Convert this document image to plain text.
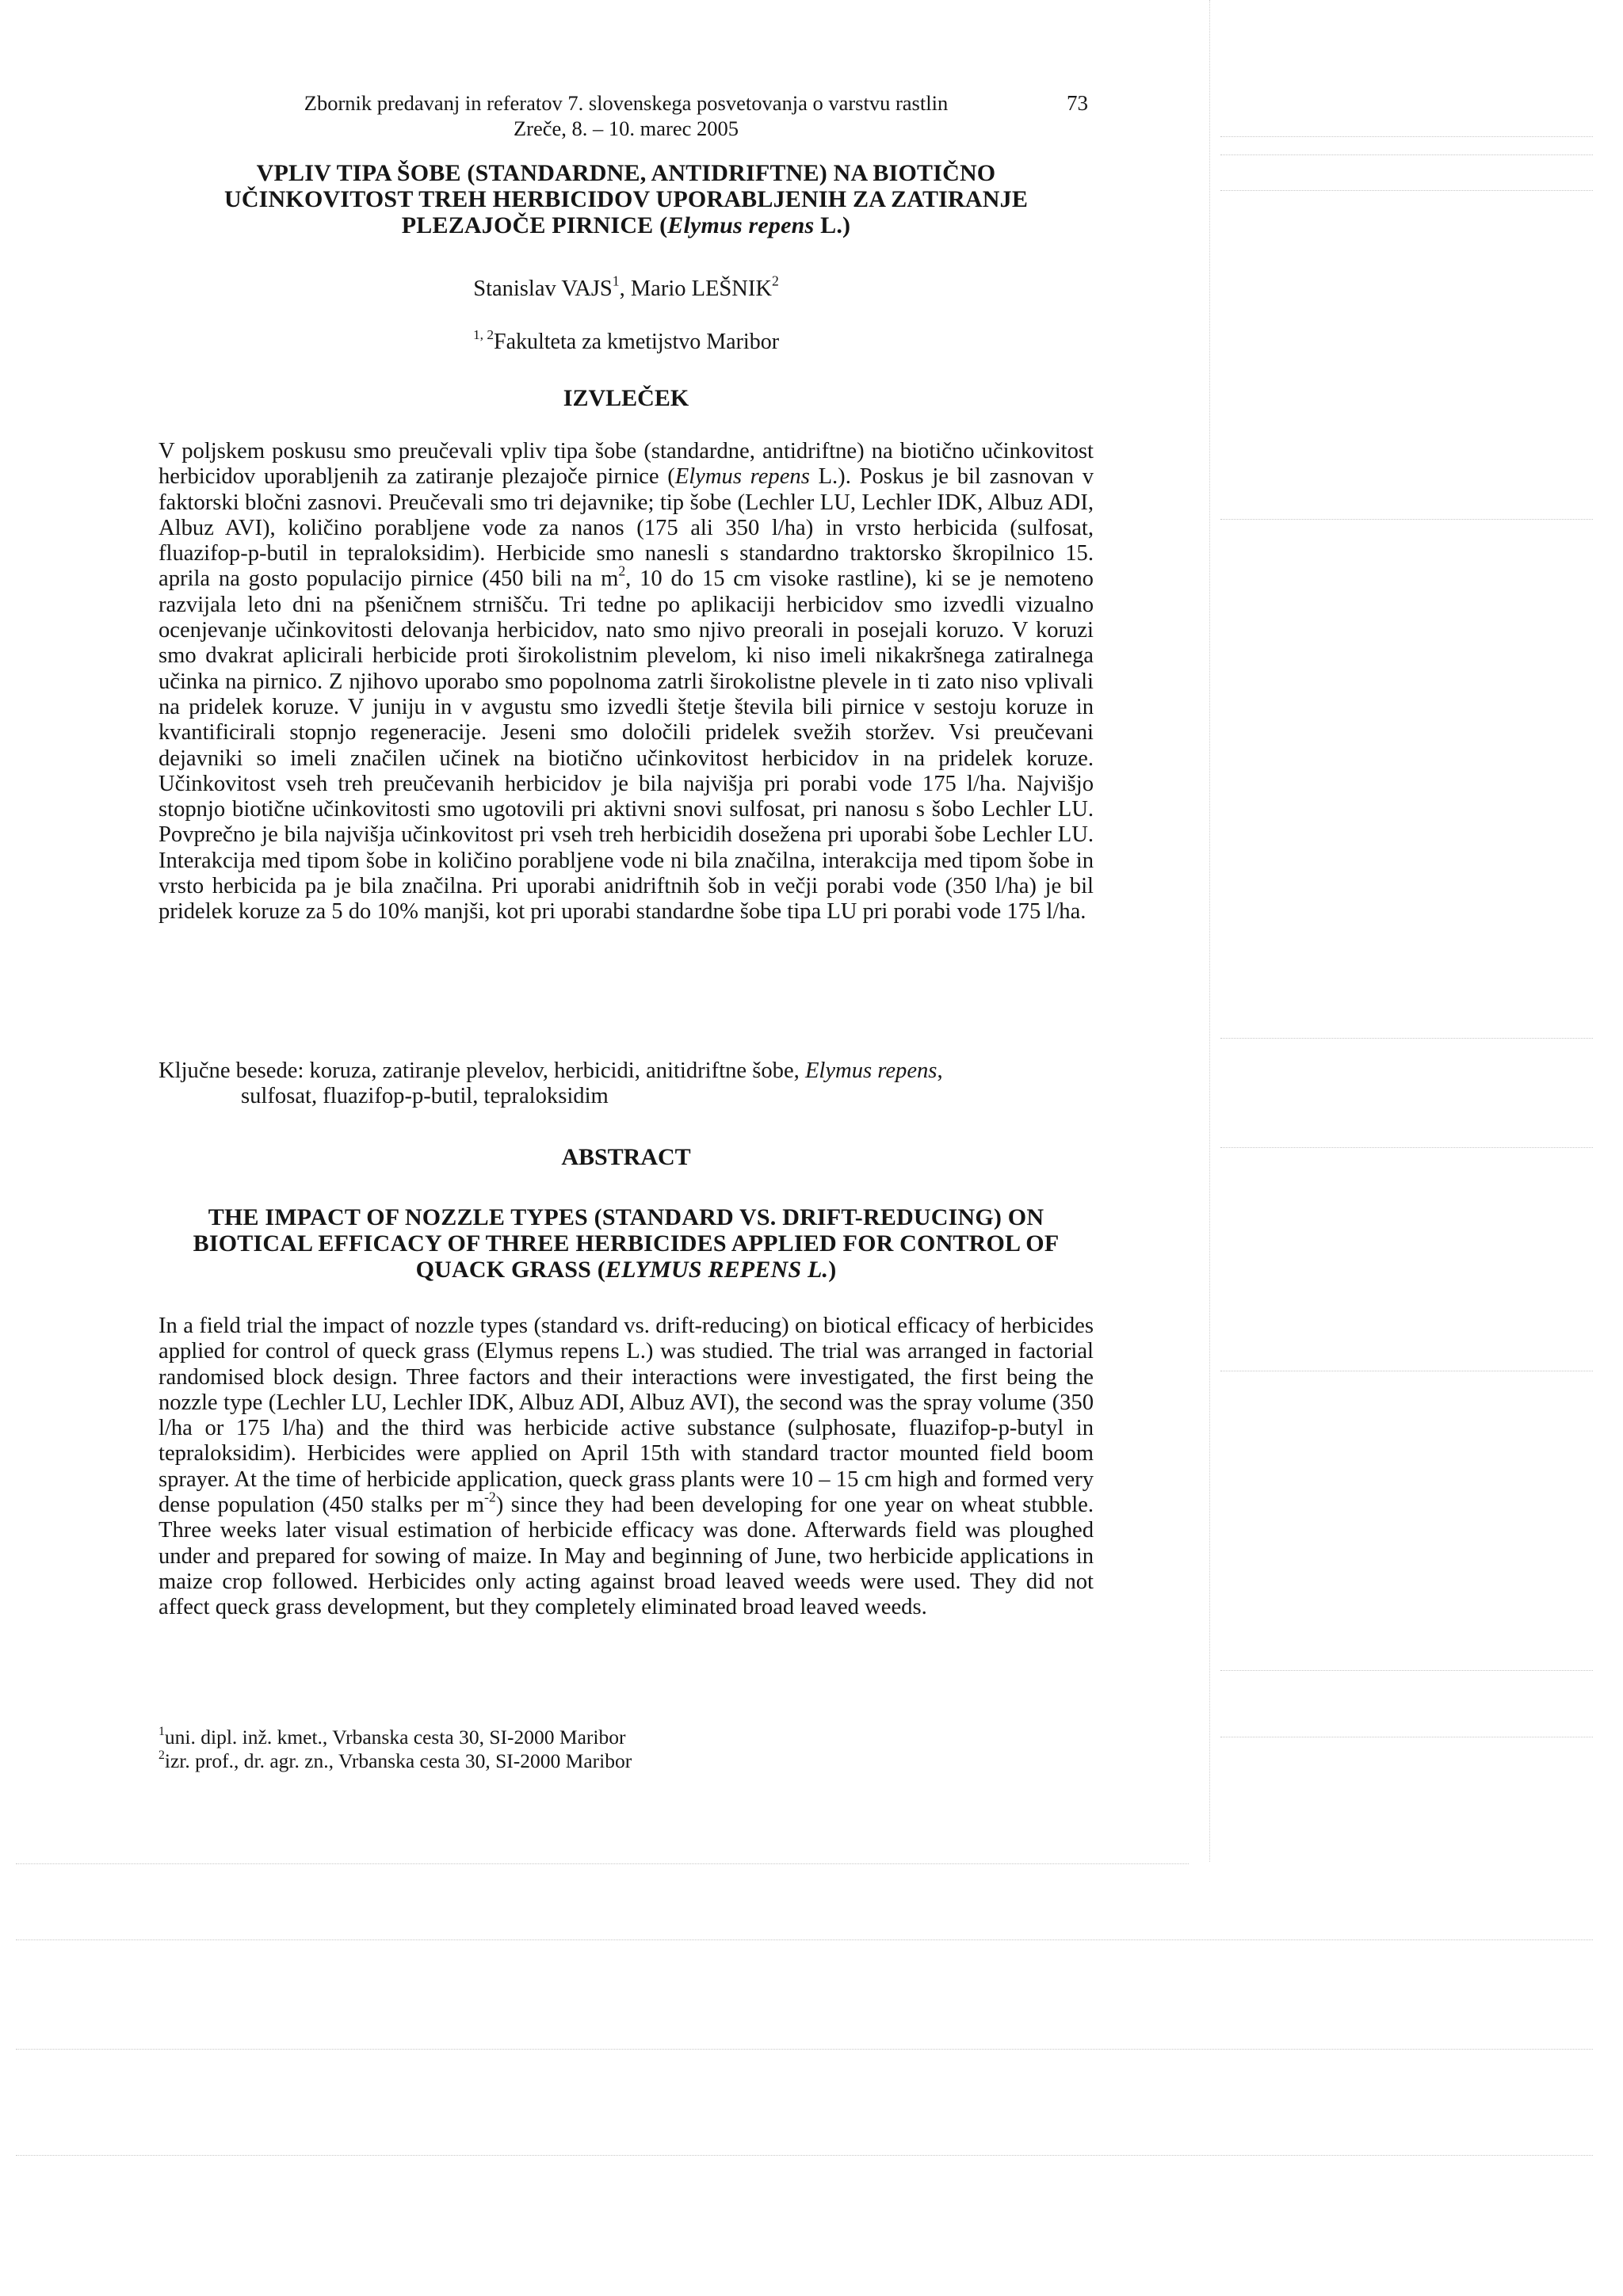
Zbornik predavanj in referatov 7. slovenskega posvetovanja o varstvu rastlin
Zreče, 8. – 10. marec 2005
73
VPLIV TIPA ŠOBE (STANDARDNE, ANTIDRIFTNE) NA BIOTIČNO
UČINKOVITOST TREH HERBICIDOV UPORABLJENIH ZA ZATIRANJE
PLEZAJOČE PIRNICE (Elymus repens L.)
Stanislav VAJS$^1$, Mario LEŠNIK$^2$
$^{1, 2}$Fakulteta za kmetijstvo Maribor
IZVLEČEK
V poljskem poskusu smo preučevali vpliv tipa šobe (standardne, antidriftne) na biotično učinkovitost herbicidov uporabljenih za zatiranje plezajoče pirnice (Elymus repens L.). Poskus je bil zasnovan v faktorski bločni zasnovi. Preučevali smo tri dejavnike; tip šobe (Lechler LU, Lechler IDK, Albuz ADI, Albuz AVI), količino porabljene vode za nanos (175 ali 350 l/ha) in vrsto herbicida (sulfosat, fluazifop-p-butil in tepraloksidim). Herbicide smo nanesli s standardno traktorsko škropilnico 15. aprila na gosto populacijo pirnice (450 bili na $m^2$, 10 do 15 cm visoke rastline), ki se je nemoteno razvijala leto dni na pšeničnem strnišču. Tri tedne po aplikaciji herbicidov smo izvedli vizualno ocenjevanje učinkovitosti delovanja herbicidov, nato smo njivo preorali in posejali koruzo. V koruzi smo dvakrat aplicirali herbicide proti širokolistnim plevelom, ki niso imeli nikakršnega zatiralnega učinka na pirnico. Z njihovo uporabo smo popolnoma zatrli širokolistne plevele in ti zato niso vplivali na pridelek koruze. V juniju in v avgustu smo izvedli štetje števila bili pirnice v sestoju koruze in kvantificirali stopnjo regeneracije. Jeseni smo določili pridelek svežih storžev. Vsi preučevani dejavniki so imeli značilen učinek na biotično učinkovitost herbicidov in na pridelek koruze. Učinkovitost vseh treh preučevanih herbicidov je bila najvišja pri porabi vode 175 l/ha. Najvišjo stopnjo biotične učinkovitosti smo ugotovili pri aktivni snovi sulfosat, pri nanosu s šobo Lechler LU. Povprečno je bila najvišja učinkovitost pri vseh treh herbicidih dosežena pri uporabi šobe Lechler LU. Interakcija med tipom šobe in količino porabljene vode ni bila značilna, interakcija med tipom šobe in vrsto herbicida pa je bila značilna. Pri uporabi anidriftnih šob in večji porabi vode (350 l/ha) je bil pridelek koruze za 5 do 10% manjši, kot pri uporabi standardne šobe tipa LU pri porabi vode 175 l/ha.
Ključne besede: koruza, zatiranje plevelov, herbicidi, anitidriftne šobe, Elymus repens,
sulfosat, fluazifop-p-butil, tepraloksidim
ABSTRACT
THE IMPACT OF NOZZLE TYPES (STANDARD VS. DRIFT-REDUCING) ON
BIOTICAL EFFICACY OF THREE HERBICIDES APPLIED FOR CONTROL OF
QUACK GRASS (ELYMUS REPENS L.)
In a field trial the impact of nozzle types (standard vs. drift-reducing) on biotical efficacy of herbicides applied for control of queck grass (Elymus repens L.) was studied. The trial was arranged in factorial randomised block design. Three factors and their interactions were investigated, the first being the nozzle type (Lechler LU, Lechler IDK, Albuz ADI, Albuz AVI), the second was the spray volume (350 l/ha or 175 l/ha) and the third was herbicide active substance (sulphosate, fluazifop-p-butyl in tepraloksidim). Herbicides were applied on April 15th with standard tractor mounted field boom sprayer. At the time of herbicide application, queck grass plants were 10 – 15 cm high and formed very dense population (450 stalks per $m^{-2}$) since they had been developing for one year on wheat stubble. Three weeks later visual estimation of herbicide efficacy was done. Afterwards field was ploughed under and prepared for sowing of maize. In May and beginning of June, two herbicide applications in maize crop followed. Herbicides only acting against broad leaved weeds were used. They did not affect queck grass development, but they completely eliminated broad leaved weeds.
$^1$uni. dipl. inž. kmet., Vrbanska cesta 30, SI-2000 Maribor
$^2$izr. prof., dr. agr. zn., Vrbanska cesta 30, SI-2000 Maribor
